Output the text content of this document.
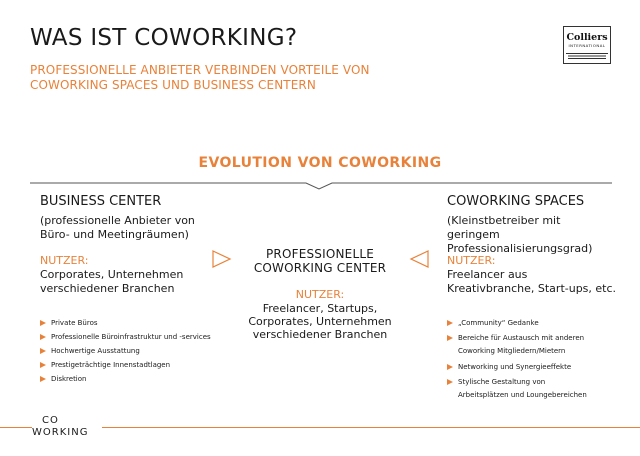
WAS IST COWORKING?
PROFESSIONELLE ANBIETER VERBINDEN VORTEILE VON COWORKING SPACES UND BUSINESS CENTERN
Colliers
INTERNATIONAL
EVOLUTION VON COWORKING
BUSINESS CENTER
(professionelle Anbieter von Büro- und Meetingräumen)
NUTZER:
Corporates, Unternehmen verschiedener Branchen
Private Büros
Professionelle Büroinfrastruktur und -services
Hochwertige Ausstattung
Prestigeträchtige Innenstadtlagen
Diskretion
PROFESSIONELLE COWORKING CENTER
NUTZER:
Freelancer, Startups, Corporates, Unternehmen verschiedener Branchen
COWORKING SPACES
(Kleinstbetreiber mit geringem Professionalisierungsgrad)
NUTZER:
Freelancer aus Kreativbranche, Start-ups, etc.
„Community“ Gedanke
Bereiche für Austausch mit anderen Coworking Mitgliedern/Mietern
Networking und Synergieeffekte
Stylische Gestaltung von Arbeitsplätzen und Loungebereichen
CO
WORKING
